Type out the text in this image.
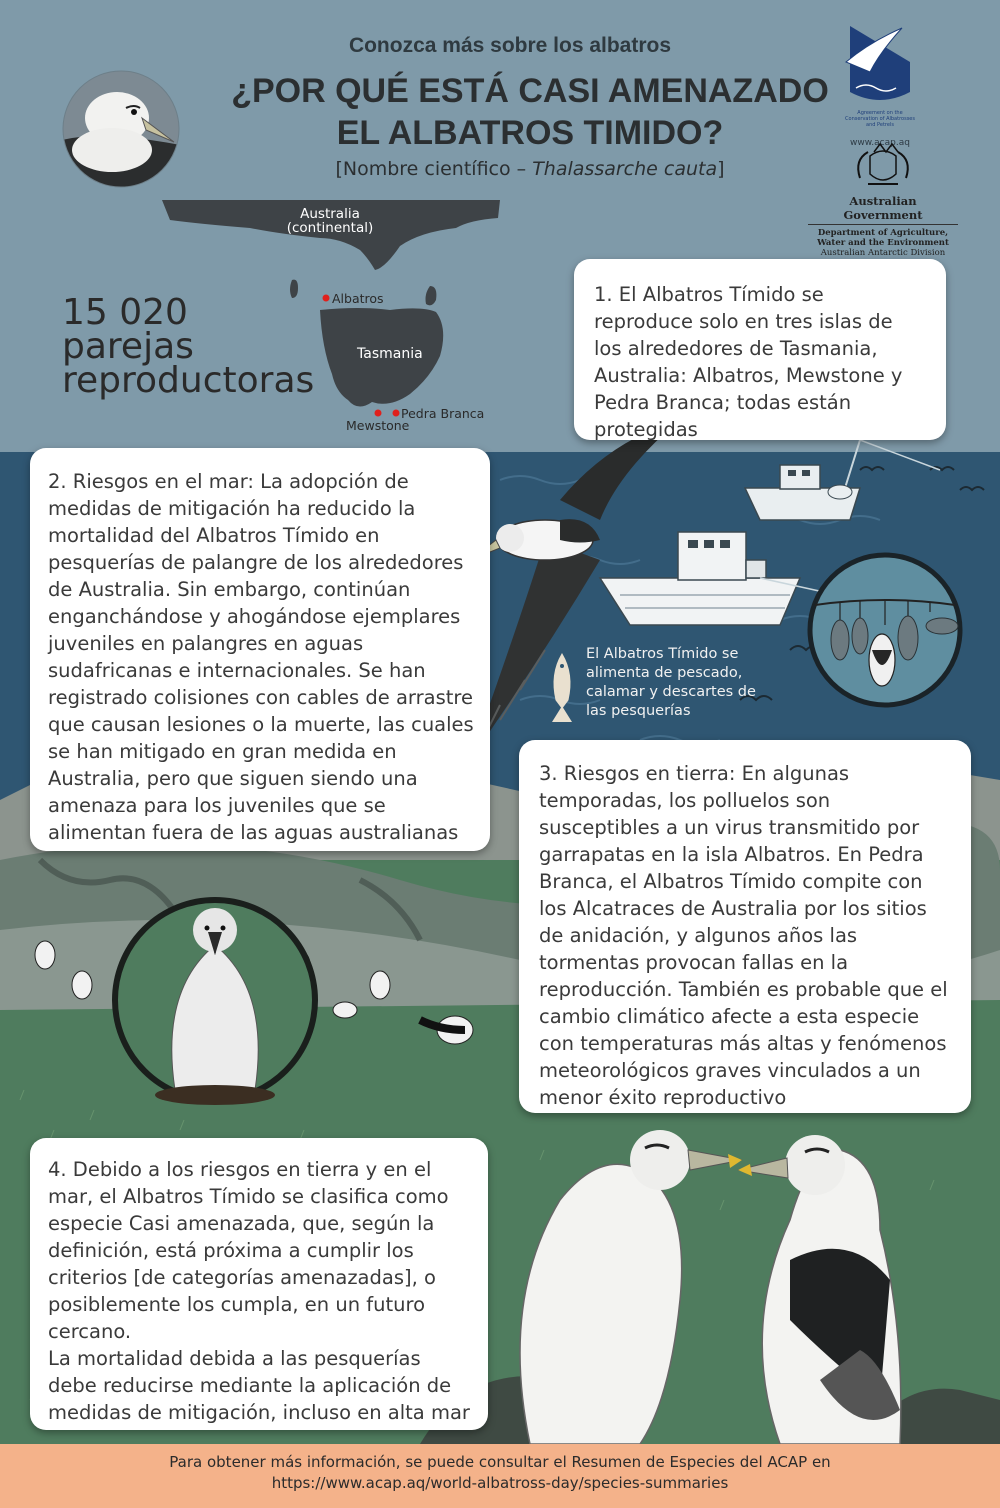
Conozca más sobre los albatros
¿POR QUÉ ESTÁ CASI AMENAZADO
EL ALBATROS TIMIDO?
[Nombre científico – Thalassarche cauta]
Agreement on the Conservation of Albatrosses and Petrels
www.acap.aq
Australian Government
Department of Agriculture,
Water and the Environment
Australian Antarctic Division
Australia
(continental)
Albatros
Tasmania
Pedra Branca
Mewstone
15 020
parejas
reproductoras

1. El Albatros Tímido se reproduce solo en tres islas de los alrededores de Tasmania, Australia: Albatros, Mewstone y Pedra Branca; todas están protegidas

2. Riesgos en el mar: La adopción de medidas de mitigación ha reducido la mortalidad del Albatros Tímido en pesquerías de palangre de los alrededores de Australia. Sin embargo, continúan enganchándose y ahogándose ejemplares juveniles en palangres en aguas sudafricanas e internacionales. Se han registrado colisiones con cables de arrastre que causan lesiones o la muerte, las cuales se han mitigado en gran medida en Australia, pero que siguen siendo una amenaza para los juveniles que se alimentan fuera de las aguas australianas

3. Riesgos en tierra: En algunas temporadas, los polluelos son susceptibles a un virus transmitido por garrapatas en la isla Albatros. En Pedra Branca, el Albatros Tímido compite con los Alcatraces de Australia por los sitios de anidación, y algunos años las tormentas provocan fallas en la reproducción. También es probable que el cambio climático afecte a esta especie con temperaturas más altas y fenómenos meteorológicos graves vinculados a un menor éxito reproductivo

4. Debido a los riesgos en tierra y en el mar, el Albatros Tímido se clasifica como especie Casi amenazada, que, según la definición, está próxima a cumplir los criterios [de categorías amenazadas], o posiblemente los cumpla, en un futuro cercano.

La mortalidad debida a las pesquerías debe reducirse mediante la aplicación de medidas de mitigación, incluso en alta mar

El Albatros Tímido se alimenta de pescado, calamar y descartes de las pesquerías
Para obtener más información, se puede consultar el Resumen de Especies del ACAP en
https://www.acap.aq/world-albatross-day/species-summaries
